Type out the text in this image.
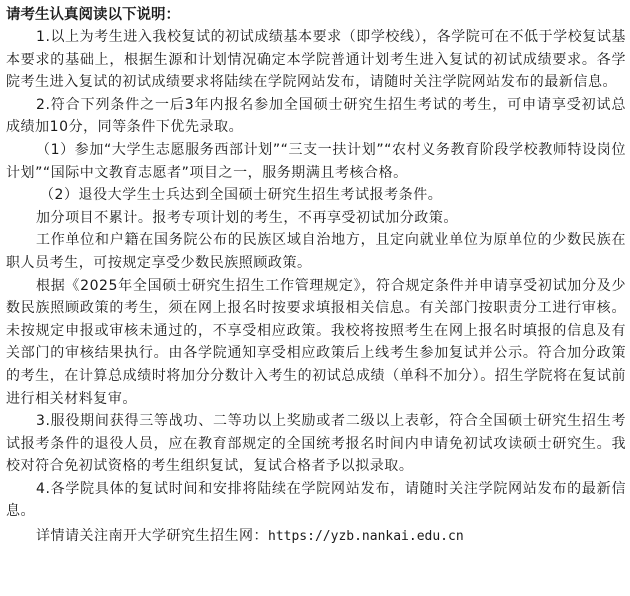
请考生认真阅读以下说明：

1.以上为考生进入我校复试的初试成绩基本要求（即学校线），各学院可在不低于学校复试基本要求的基础上，根据生源和计划情况确定本学院普通计划考生进入复试的初试成绩要求。各学院考生进入复试的初试成绩要求将陆续在学院网站发布，请随时关注学院网站发布的最新信息。

2.符合下列条件之一后3年内报名参加全国硕士研究生招生考试的考生，可申请享受初试总成绩加10分，同等条件下优先录取。

（1）参加“大学生志愿服务西部计划”“三支一扶计划”“农村义务教育阶段学校教师特设岗位计划”“国际中文教育志愿者”项目之一，服务期满且考核合格。

（2）退役大学生士兵达到全国硕士研究生招生考试报考条件。

加分项目不累计。报考专项计划的考生，不再享受初试加分政策。

工作单位和户籍在国务院公布的民族区域自治地方，且定向就业单位为原单位的少数民族在职人员考生，可按规定享受少数民族照顾政策。

根据《2025年全国硕士研究生招生工作管理规定》，符合规定条件并申请享受初试加分及少数民族照顾政策的考生，须在网上报名时按要求填报相关信息。有关部门按职责分工进行审核。未按规定申报或审核未通过的，不享受相应政策。我校将按照考生在网上报名时填报的信息及有关部门的审核结果执行。由各学院通知享受相应政策后上线考生参加复试并公示。符合加分政策的考生，在计算总成绩时将加分分数计入考生的初试总成绩（单科不加分）。招生学院将在复试前进行相关材料复审。

3.服役期间获得三等战功、二等功以上奖励或者二级以上表彰，符合全国硕士研究生招生考试报考条件的退役人员，应在教育部规定的全国统考报名时间内申请免初试攻读硕士研究生。我校对符合免初试资格的考生组织复试，复试合格者予以拟录取。

4.各学院具体的复试时间和安排将陆续在学院网站发布，请随时关注学院网站发布的最新信息。

详情请关注南开大学研究生招生网：https://yzb.nankai.edu.cn
